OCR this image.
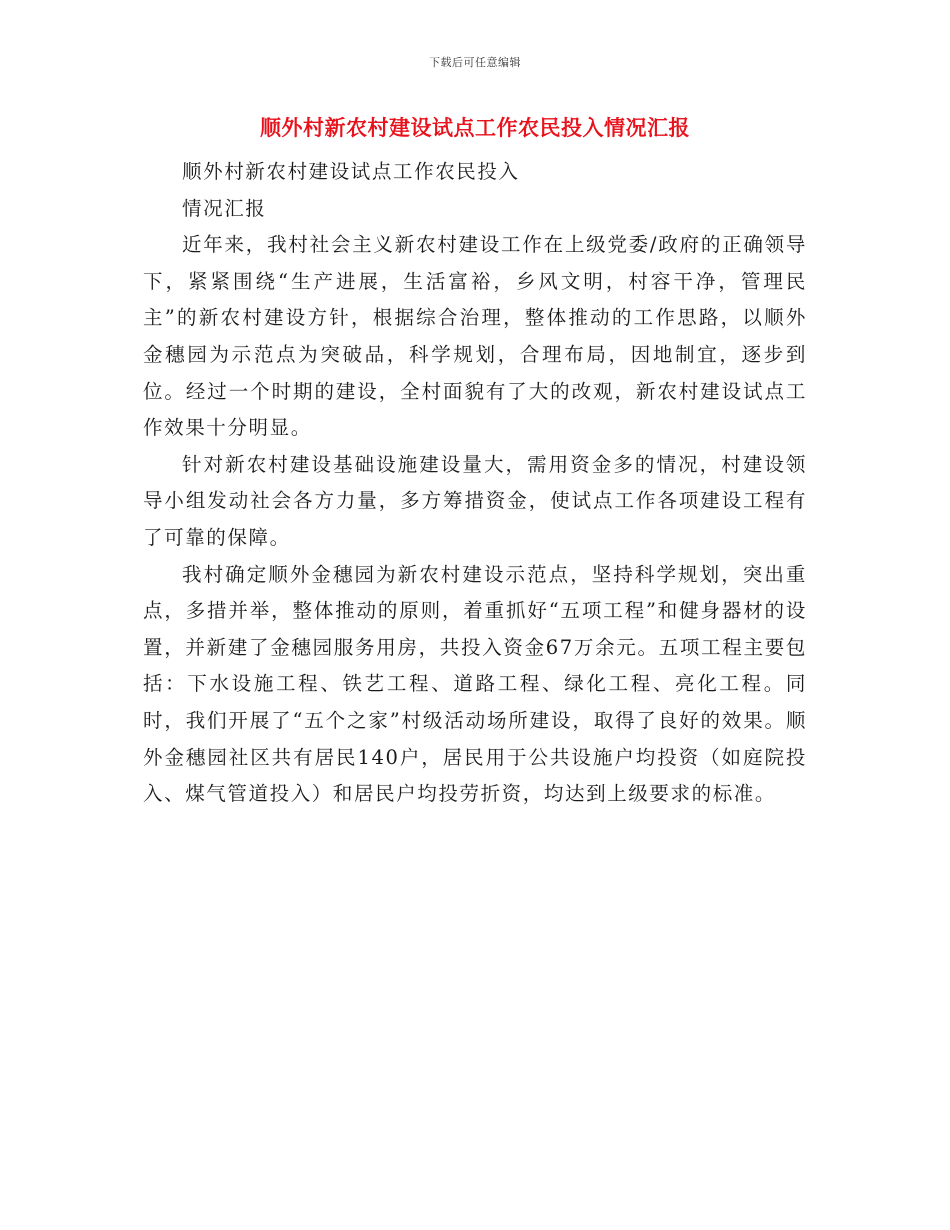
下载后可任意编辑
顺外村新农村建设试点工作农民投入情况汇报

顺外村新农村建设试点工作农民投入

情况汇报

近年来，我村社会主义新农村建设工作在上级党委/政府的正确领导下，紧紧围绕“生产进展，生活富裕，乡风文明，村容干净，管理民主”的新农村建设方针，根据综合治理，整体推动的工作思路，以顺外金穗园为示范点为突破品，科学规划，合理布局，因地制宜，逐步到位。经过一个时期的建设，全村面貌有了大的改观，新农村建设试点工作效果十分明显。

针对新农村建设基础设施建设量大，需用资金多的情况，村建设领导小组发动社会各方力量，多方筹措资金，使试点工作各项建设工程有了可靠的保障。

我村确定顺外金穗园为新农村建设示范点，坚持科学规划，突出重点，多措并举，整体推动的原则，着重抓好“五项工程”和健身器材的设置，并新建了金穗园服务用房，共投入资金67万余元。五项工程主要包括：下水设施工程、铁艺工程、道路工程、绿化工程、亮化工程。同时，我们开展了“五个之家”村级活动场所建设，取得了良好的效果。顺外金穗园社区共有居民140户，居民用于公共设施户均投资（如庭院投入、煤气管道投入）和居民户均投劳折资，均达到上级要求的标准。
